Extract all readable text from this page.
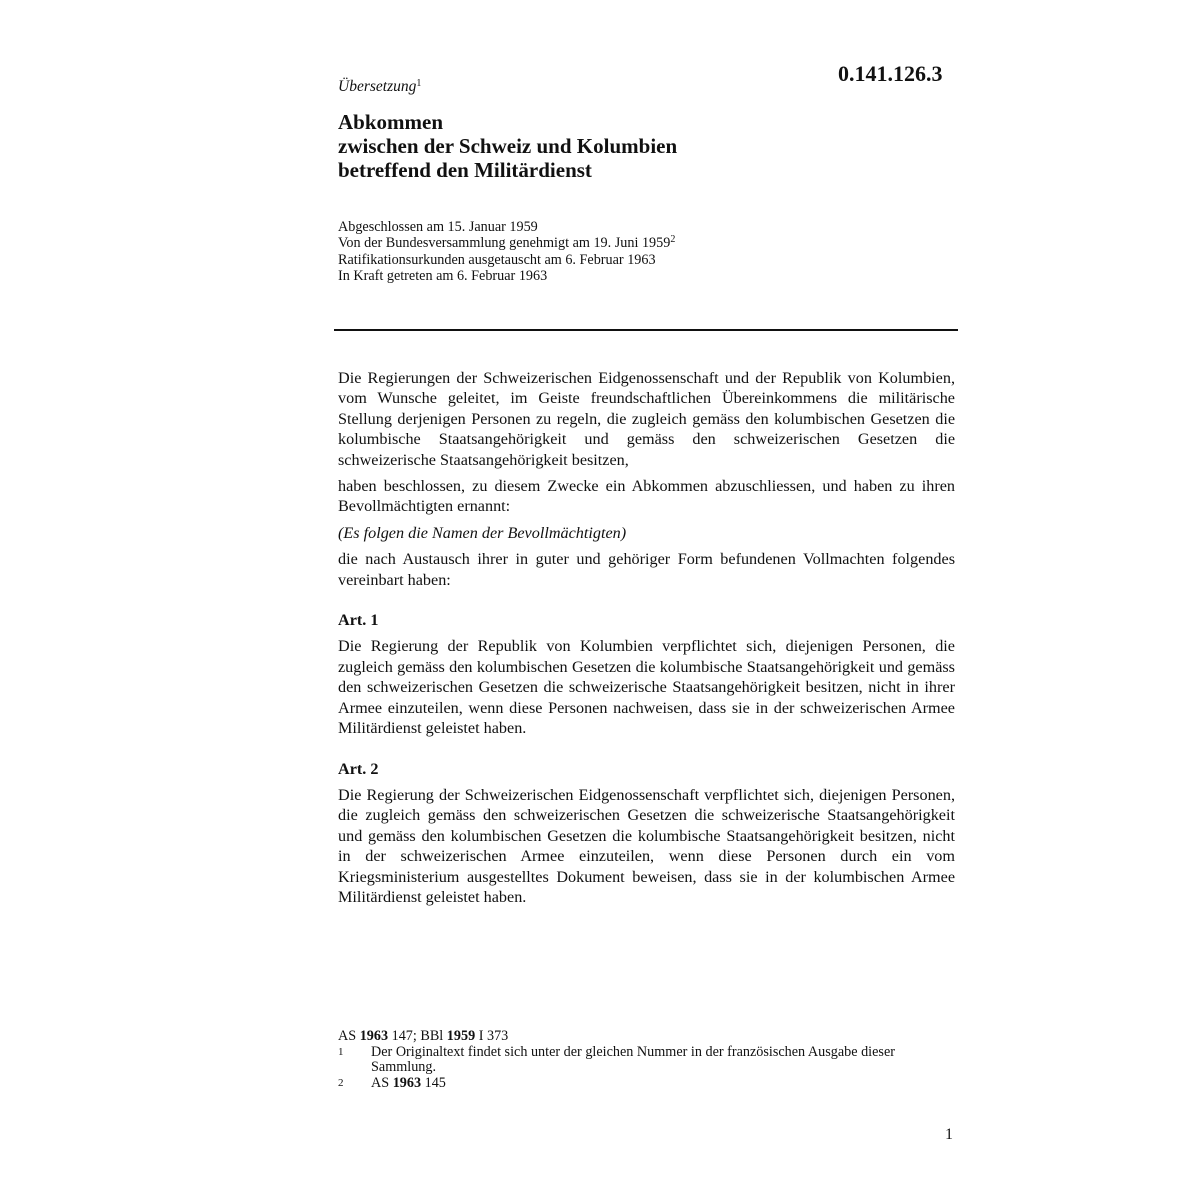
0.141.126.3
Übersetzung$^1$
Abkommen
zwischen der Schweiz und Kolumbien
betreffend den Militärdienst
Abgeschlossen am 15. Januar 1959
Von der Bundesversammlung genehmigt am 19. Juni 1959$^2$
Ratifikationsurkunden ausgetauscht am 6. Februar 1963
In Kraft getreten am 6. Februar 1963

Die Regierungen der Schweizerischen Eidgenossenschaft und der Republik von Kolumbien, vom Wunsche geleitet, im Geiste freundschaftlichen Übereinkommens die militärische Stellung derjenigen Personen zu regeln, die zugleich gemäss den kolumbischen Gesetzen die kolumbische Staatsangehörigkeit und gemäss den schweizerischen Gesetzen die schweizerische Staatsangehörigkeit besitzen,

haben beschlossen, zu diesem Zwecke ein Abkommen abzuschliessen, und haben zu ihren Bevollmächtigten ernannt:

(Es folgen die Namen der Bevollmächtigten)

die nach Austausch ihrer in guter und gehöriger Form befundenen Vollmachten folgendes vereinbart haben:

Art. 1

Die Regierung der Republik von Kolumbien verpflichtet sich, diejenigen Personen, die zugleich gemäss den kolumbischen Gesetzen die kolumbische Staatsangehörigkeit und gemäss den schweizerischen Gesetzen die schweizerische Staatsangehörigkeit besitzen, nicht in ihrer Armee einzuteilen, wenn diese Personen nachweisen, dass sie in der schweizerischen Armee Militärdienst geleistet haben.

Art. 2

Die Regierung der Schweizerischen Eidgenossenschaft verpflichtet sich, diejenigen Personen, die zugleich gemäss den schweizerischen Gesetzen die schweizerische Staatsangehörigkeit und gemäss den kolumbischen Gesetzen die kolumbische Staatsangehörigkeit besitzen, nicht in der schweizerischen Armee einzuteilen, wenn diese Personen durch ein vom Kriegsministerium ausgestelltes Dokument beweisen, dass sie in der kolumbischen Armee Militärdienst geleistet haben.

AS 1963 147; BBl 1959 I 373
1	Der Originaltext findet sich unter der gleichen Nummer in der französischen Ausgabe dieser Sammlung.
2	AS 1963 145
1
